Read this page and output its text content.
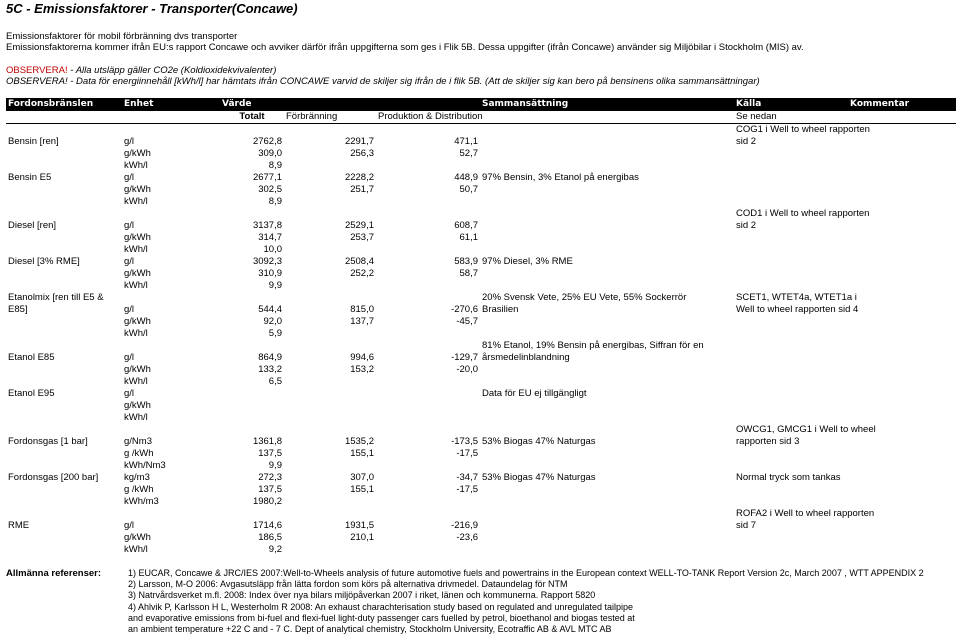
5C - Emissionsfaktorer - Transporter(Concawe)
Emissionsfaktorer för mobil förbränning dvs transporter
Emissionsfaktorerna kommer ifrån EU:s rapport Concawe och avviker därför ifrån uppgifterna som ges i Flik 5B. Dessa uppgifter (ifrån Concawe) använder sig Miljöbilar i Stockholm (MIS) av.
OBSERVERA! - Alla utsläpp gäller CO2e (Koldioxidekvivalenter)
OBSERVERA! - Data för energiinnehåll [kWh/l] har hämtats ifrån CONCAWE varvid de skiljer sig ifrån de i flik 5B. (Att de skiljer sig kan bero på bensinens olika sammansättningar)
Fordonsbränslen	Enhet	Värde			Sammansättning	Källa	Kommentar
		Totalt	Förbränning	Produktion & Distribution		Se nedan	
						COG1 i Well to wheel rapporten	
Bensin [ren]	g/l	2762,8	2291,7	471,1		sid 2	
	g/kWh	309,0	256,3	52,7			
	kWh/l	8,9					
Bensin E5	g/l	2677,1	2228,2	448,9	97% Bensin, 3% Etanol på energibas		
	g/kWh	302,5	251,7	50,7			
	kWh/l	8,9					
						COD1 i Well to wheel rapporten	
Diesel [ren]	g/l	3137,8	2529,1	608,7		sid 2	
	g/kWh	314,7	253,7	61,1			
	kWh/l	10,0					
Diesel [3% RME]	g/l	3092,3	2508,4	583,9	97% Diesel, 3% RME		
	g/kWh	310,9	252,2	58,7			
	kWh/l	9,9					
Etanolmix [ren till E5 &					20% Svensk Vete, 25% EU Vete, 55% Sockerrör	SCET1, WTET4a, WTET1a i	
E85]	g/l	544,4	815,0	-270,6	Brasilien	Well to wheel rapporten sid 4	
	g/kWh	92,0	137,7	-45,7			
	kWh/l	5,9					
					81% Etanol, 19% Bensin på energibas, Siffran för en		
Etanol E85	g/l	864,9	994,6	-129,7	årsmedelinblandning		
	g/kWh	133,2	153,2	-20,0			
	kWh/l	6,5					
Etanol E95	g/l				Data för EU ej tillgängligt		
	g/kWh						
	kWh/l						
						OWCG1, GMCG1 i Well to wheel	
Fordonsgas [1 bar]	g/Nm3	1361,8	1535,2	-173,5	53% Biogas 47% Naturgas	rapporten sid 3	
	g /kWh	137,5	155,1	-17,5			
	kWh/Nm3	9,9					
Fordonsgas [200 bar]	kg/m3	272,3	307,0	-34,7	53% Biogas 47% Naturgas	Normal tryck som tankas	
	g /kWh	137,5	155,1	-17,5			
	kWh/m3	1980,2					
						ROFA2 i Well to wheel rapporten	
RME	g/l	1714,6	1931,5	-216,9		sid 7	
	g/kWh	186,5	210,1	-23,6			
	kWh/l	9,2					
Allmänna referenser:	1) EUCAR, Concawe & JRC/IES 2007:Well-to-Wheels analysis of future automotive fuels and powertrains in the European context WELL-TO-TANK Report Version 2c, March 2007 , WTT APPENDIX 2
2) Larsson, M-O 2006: Avgasutsläpp från lätta fordon som körs på alternativa drivmedel. Dataundelag för NTM
3) Natrvårdsverket m.fl. 2008: Index över nya bilars miljöpåverkan 2007 i riket, länen och kommunerna. Rapport 5820
4) Ahlvik P, Karlsson H L, Westerholm R 2008: An exhaust charachterisation study based on regulated and unregulated tailpipe
and evaporative emissions from bi-fuel and flexi-fuel light-duty passenger cars fuelled by petrol, bioethanol and biogas tested at
an ambient temperature +22 C and - 7 C. Dept of analytical chemistry, Stockholm University, Ecotraffic AB & AVL MTC AB
